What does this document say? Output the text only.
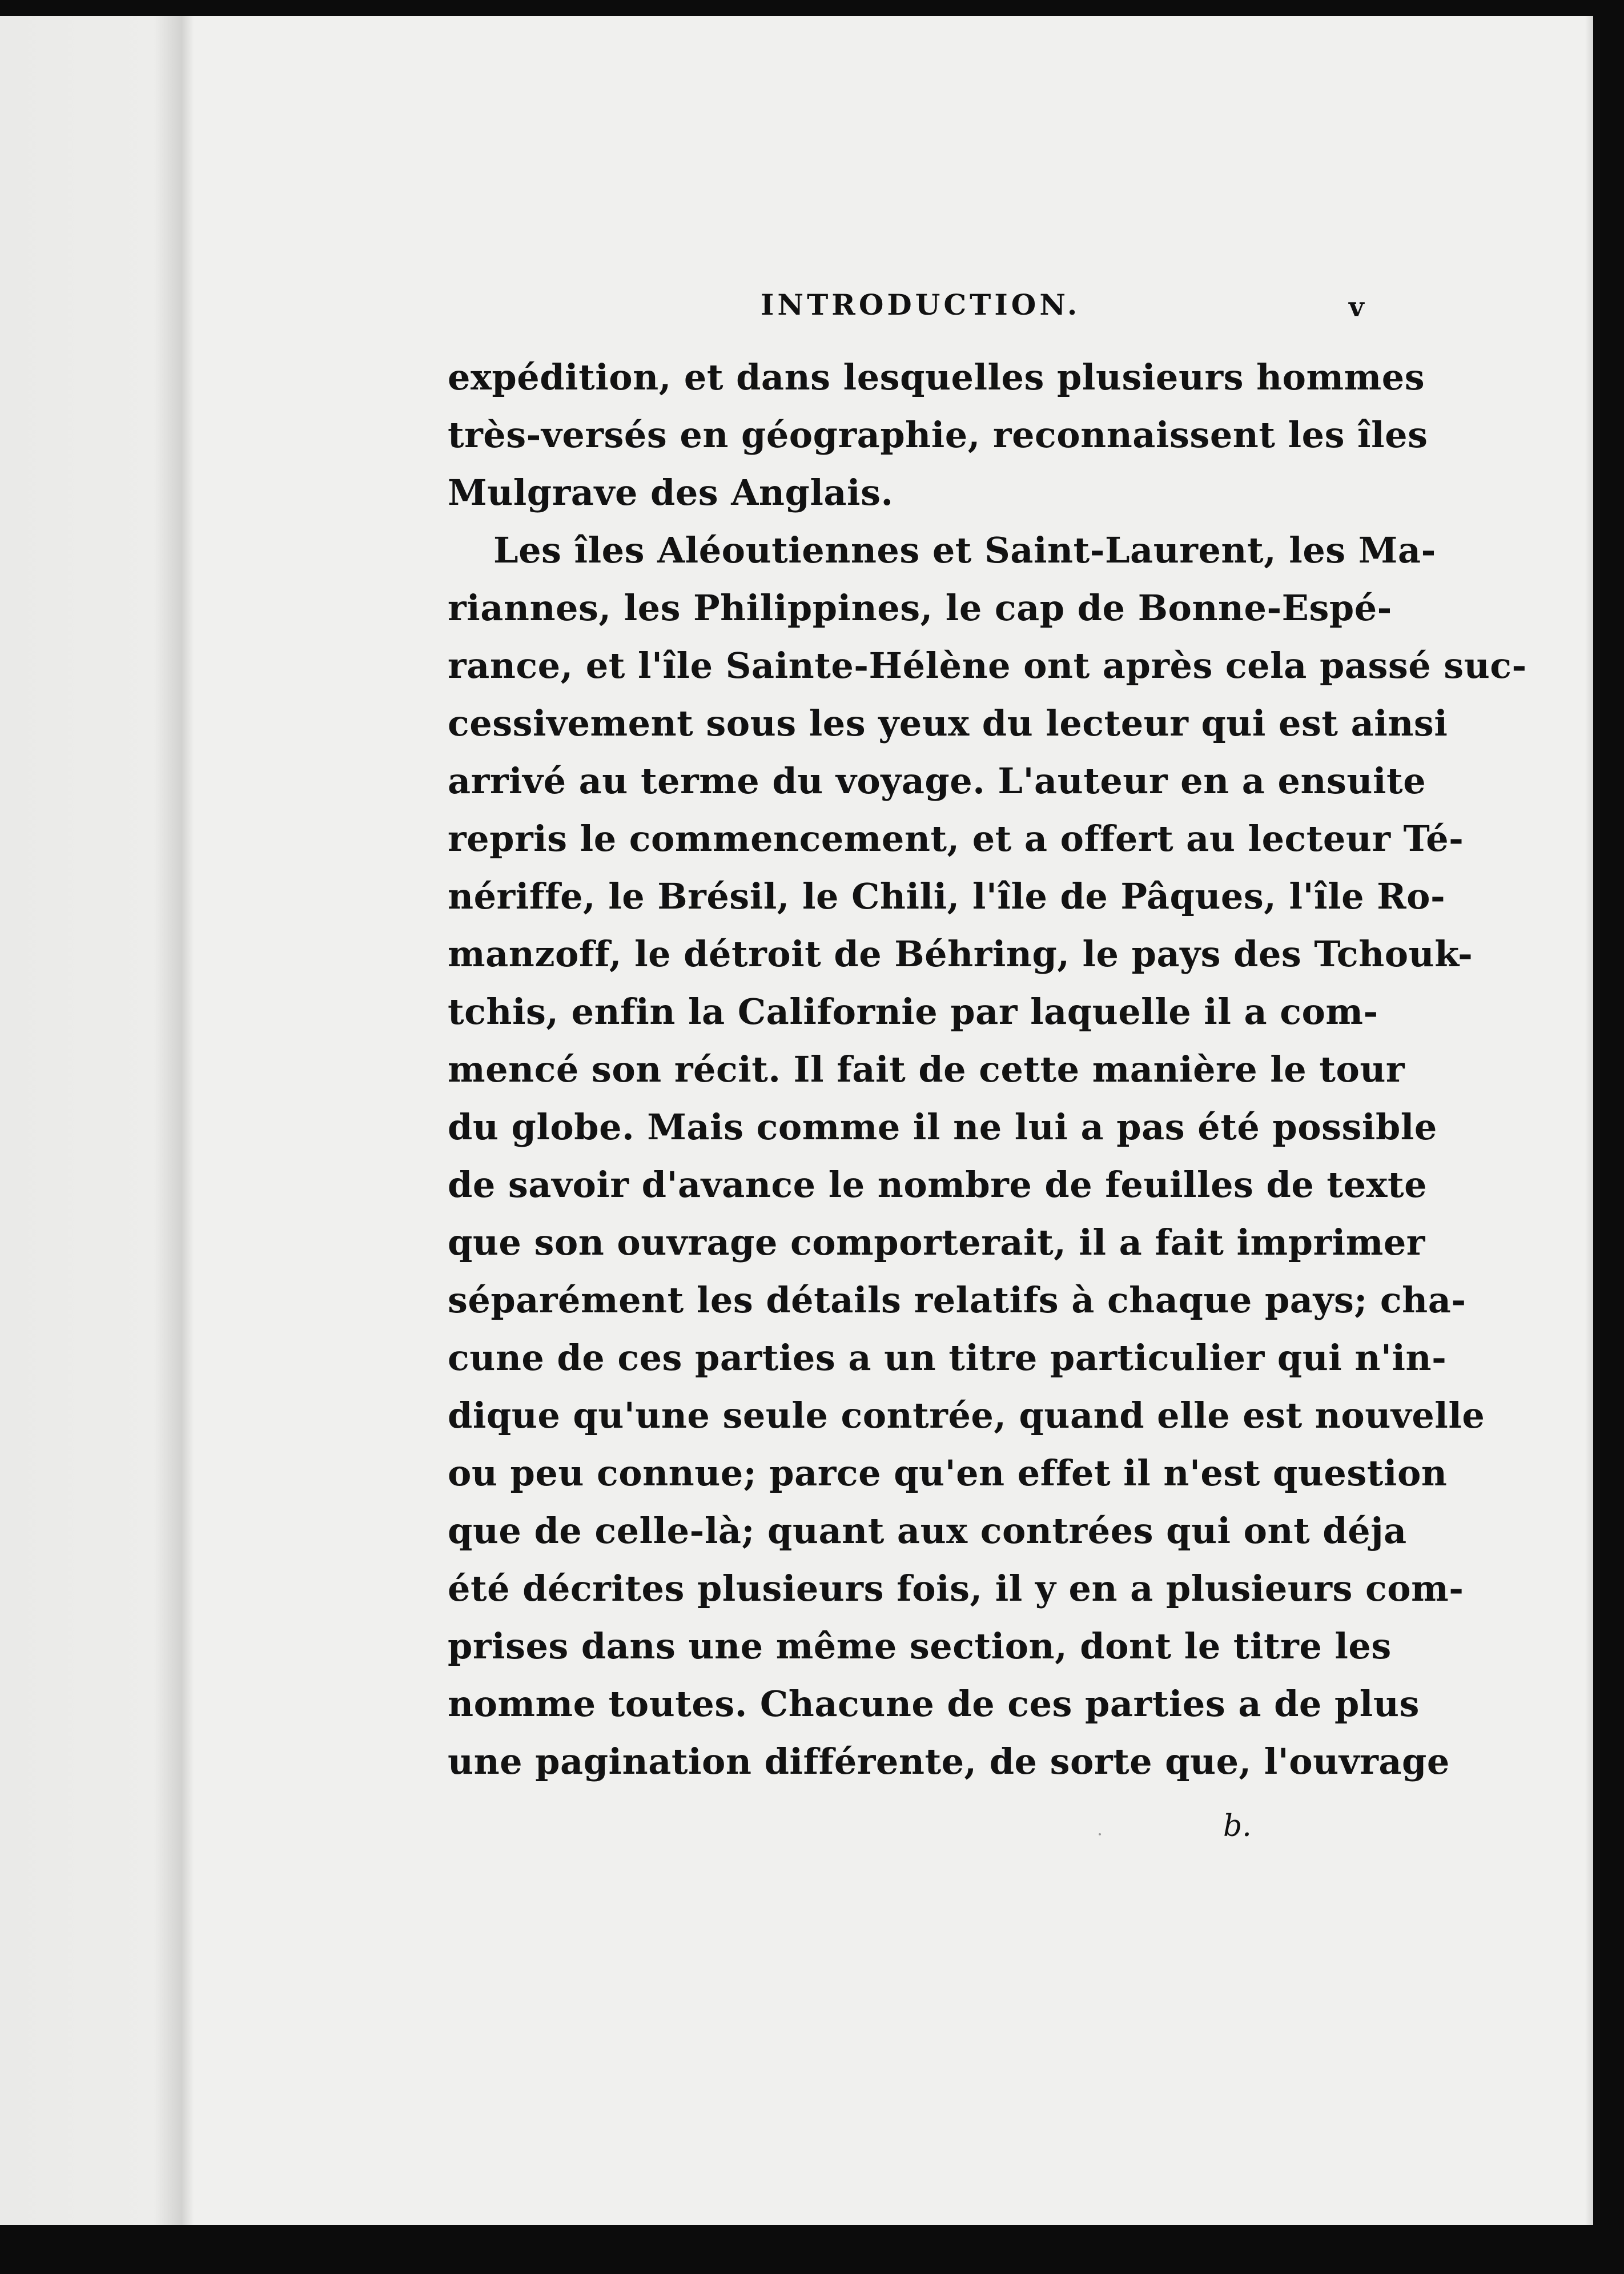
INTRODUCTION.	v
expédition, et dans lesquelles plusieurs hommes
très-versés en géographie, reconnaissent les îles
Mulgrave des Anglais.
Les îles Aléoutiennes et Saint-Laurent, les Ma-
riannes, les Philippines, le cap de Bonne-Espé-
rance, et l'île Sainte-Hélène ont après cela passé suc-
cessivement sous les yeux du lecteur qui est ainsi
arrivé au terme du voyage. L'auteur en a ensuite
repris le commencement, et a offert au lecteur Té-
nériffe, le Brésil, le Chili, l'île de Pâques, l'île Ro-
manzoff, le détroit de Béhring, le pays des Tchouk-
tchis, enfin la Californie par laquelle il a com-
mencé son récit. Il fait de cette manière le tour
du globe. Mais comme il ne lui a pas été possible
de savoir d'avance le nombre de feuilles de texte
que son ouvrage comporterait, il a fait imprimer
séparément les détails relatifs à chaque pays; cha-
cune de ces parties a un titre particulier qui n'in-
dique qu'une seule contrée, quand elle est nouvelle
ou peu connue; parce qu'en effet il n'est question
que de celle-là; quant aux contrées qui ont déja
été décrites plusieurs fois, il y en a plusieurs com-
prises dans une même section, dont le titre les
nomme toutes. Chacune de ces parties a de plus
une pagination différente, de sorte que, l'ouvrage
b.
